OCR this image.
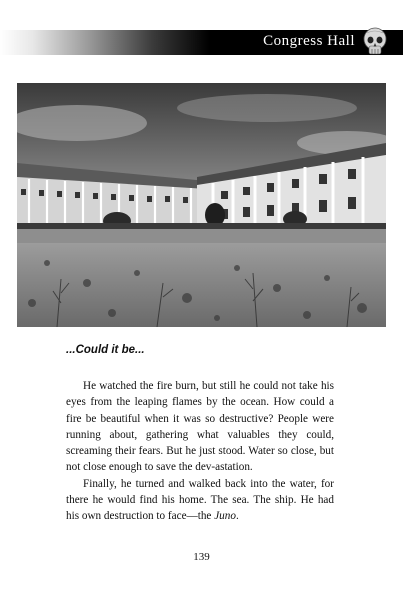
Congress Hall
...Could it be...

He watched the fire burn, but still he could not take his eyes from the leaping flames by the ocean. How could a fire be beautiful when it was so destructive? People were running about, gathering what valuables they could, screaming their fears. But he just stood. Water so close, but not close enough to save the dev-astation.

Finally, he turned and walked back into the water, for there he would find his home. The sea. The ship. He had his own destruction to face—the Juno.

139
